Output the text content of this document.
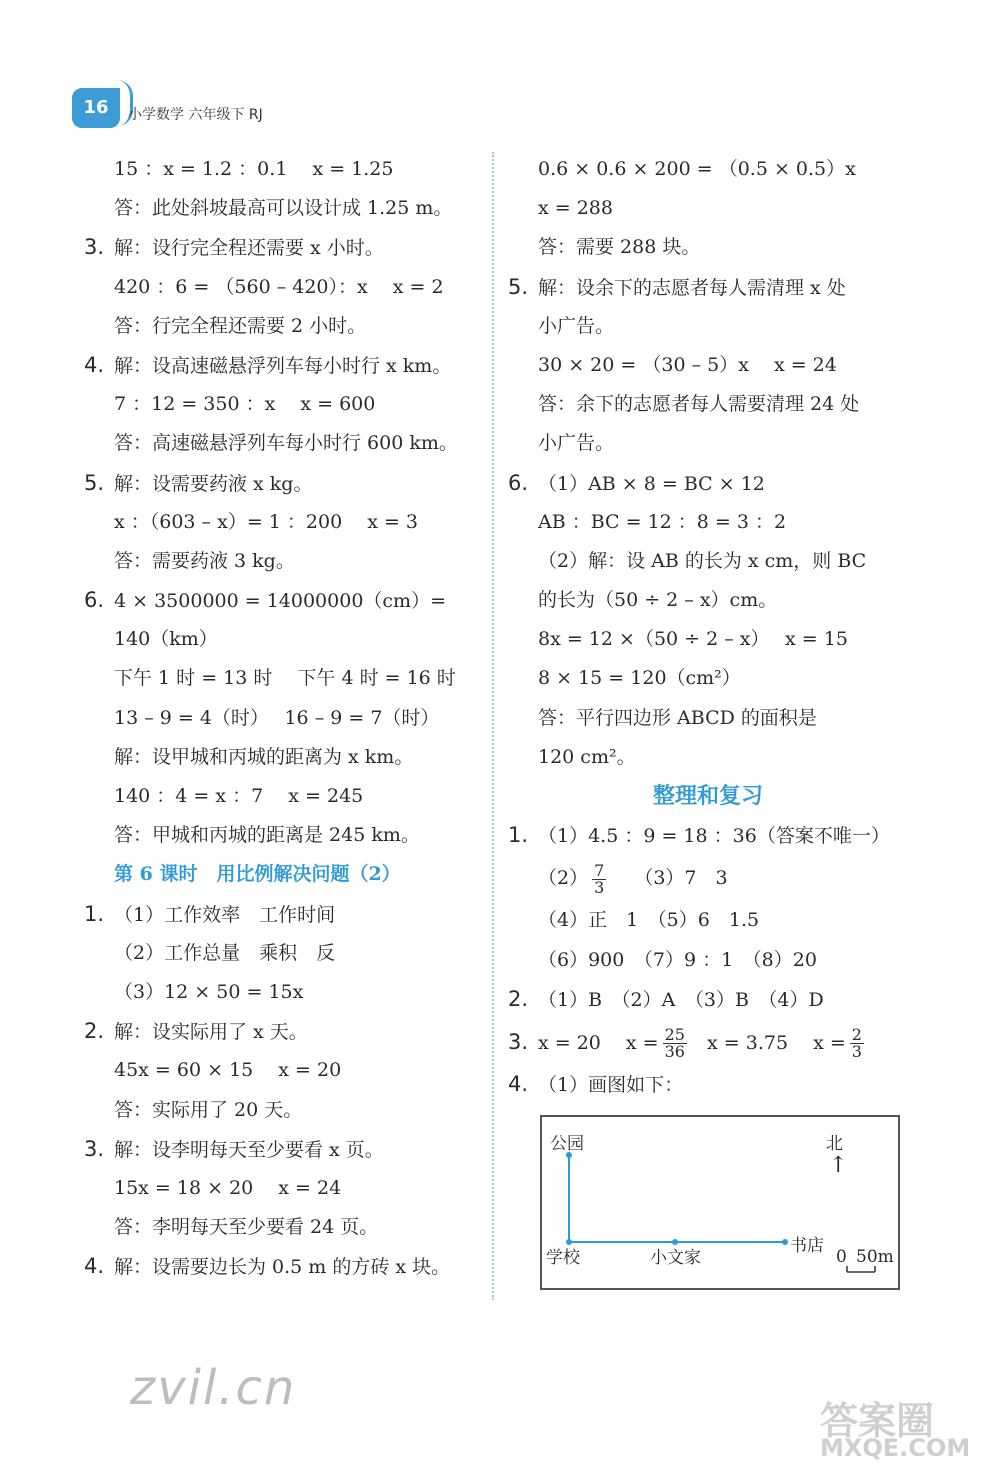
16	小学数学 六年级下 RJ
15 ：x = 1.2 ：0.1　 x = 1.25
答：此处斜坡最高可以设计成 1.25 m。
3. 解：设行完全程还需要 x 小时。
420 ：6 = （560 – 420）：x　 x = 2
答：行完全程还需要 2 小时。
4. 解：设高速磁悬浮列车每小时行 x km。
7 ：12 = 350 ：x　 x = 600
答：高速磁悬浮列车每小时行 600 km。
5. 解：设需要药液 x kg。
x ：（603 – x）= 1 ：200　 x = 3
答：需要药液 3 kg。
6. 4 × 3500000 = 14000000（cm）=
140（km）
下午 1 时 = 13 时　 下午 4 时 = 16 时
13 – 9 = 4（时）　 16 – 9 = 7（时）
解：设甲城和丙城的距离为 x km。
140 ：4 = x ：7　 x = 245
答：甲城和丙城的距离是 245 km。
第 6 课时　用比例解决问题（2）
1. （1）工作效率　工作时间
（2）工作总量　乘积　反
（3）12 × 50 = 15x
2. 解：设实际用了 x 天。
45x = 60 × 15　 x = 20
答：实际用了 20 天。
3. 解：设李明每天至少要看 x 页。
15x = 18 × 20　 x = 24
答：李明每天至少要看 24 页。
4. 解：设需要边长为 0.5 m 的方砖 x 块。
0.6 × 0.6 × 200 = （0.5 × 0.5）x
x = 288
答：需要 288 块。
5. 解：设余下的志愿者每人需清理 x 处
小广告。
30 × 20 = （30 – 5）x　 x = 24
答：余下的志愿者每人需要清理 24 处
小广告。
6. （1）AB × 8 = BC × 12
AB ：BC = 12 ：8 = 3 ：2
（2）解：设 AB 的长为 x cm，则 BC
的长为（50 ÷ 2 – x）cm。
8x = 12 ×（50 ÷ 2 – x）　 x = 15
8 × 15 = 120（cm²）
答：平行四边形 ABCD 的面积是
120 cm²。
整理和复习
1. （1）4.5 ：9 = 18 ：36（答案不唯一）
$(2) \frac{7}{3} (3)7$　3
（4）正　1　（5）6　1.5
（6）900　（7）9 ：1　（8）20
2. （1）B　（2）A　（3）B　（4）D
3. x = 20　 $x = \frac{25}{36}$ x = 3.75　 $x = \frac{2}{3}$
4. （1）画图如下：
公园	北
↑
学校	小文家
书店
0 50m
zvil.cn
答案圈
MXQE.COM
